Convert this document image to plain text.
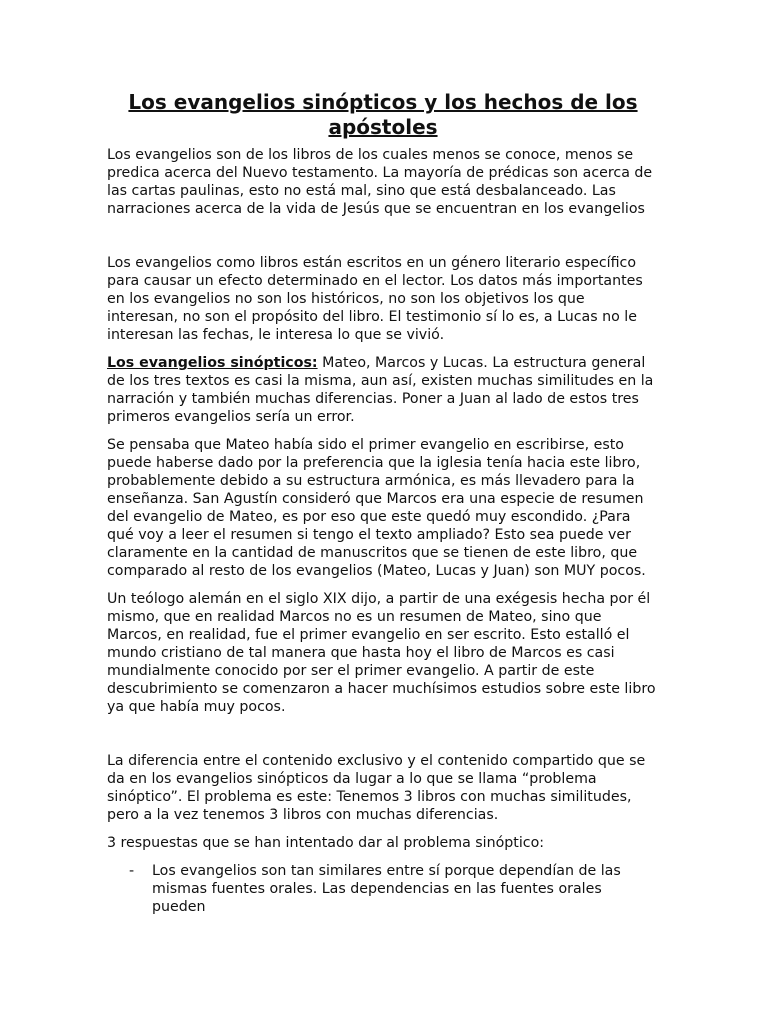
Los evangelios sinópticos y los hechos de los apóstoles

Los evangelios son de los libros de los cuales menos se conoce, menos se predica acerca del Nuevo testamento. La mayoría de prédicas son acerca de las cartas paulinas, esto no está mal, sino que está desbalanceado. Las narraciones acerca de la vida de Jesús que se encuentran en los evangelios

Los evangelios como libros están escritos en un género literario específico para causar un efecto determinado en el lector. Los datos más importantes en los evangelios no son los históricos, no son los objetivos los que interesan, no son el propósito del libro. El testimonio sí lo es, a Lucas no le interesan las fechas, le interesa lo que se vivió.

Los evangelios sinópticos: Mateo, Marcos y Lucas. La estructura general de los tres textos es casi la misma, aun así, existen muchas similitudes en la narración y también muchas diferencias. Poner a Juan al lado de estos tres primeros evangelios sería un error.

Se pensaba que Mateo había sido el primer evangelio en escribirse, esto puede haberse dado por la preferencia que la iglesia tenía hacia este libro, probablemente debido a su estructura armónica, es más llevadero para la enseñanza. San Agustín consideró que Marcos era una especie de resumen del evangelio de Mateo, es por eso que este quedó muy escondido. ¿Para qué voy a leer el resumen si tengo el texto ampliado? Esto sea puede ver claramente en la cantidad de manuscritos que se tienen de este libro, que comparado al resto de los evangelios (Mateo, Lucas y Juan) son MUY pocos.

Un teólogo alemán en el siglo XIX dijo, a partir de una exégesis hecha por él mismo, que en realidad Marcos no es un resumen de Mateo, sino que Marcos, en realidad, fue el primer evangelio en ser escrito. Esto estalló el mundo cristiano de tal manera que hasta hoy el libro de Marcos es casi mundialmente conocido por ser el primer evangelio. A partir de este descubrimiento se comenzaron a hacer muchísimos estudios sobre este libro ya que había muy pocos.

La diferencia entre el contenido exclusivo y el contenido compartido que se da en los evangelios sinópticos da lugar a lo que se llama “problema sinóptico”. El problema es este: Tenemos 3 libros con muchas similitudes, pero a la vez tenemos 3 libros con muchas diferencias.

3 respuestas que se han intentado dar al problema sinóptico:

- Los evangelios son tan similares entre sí porque dependían de las mismas fuentes orales. Las dependencias en las fuentes orales pueden
